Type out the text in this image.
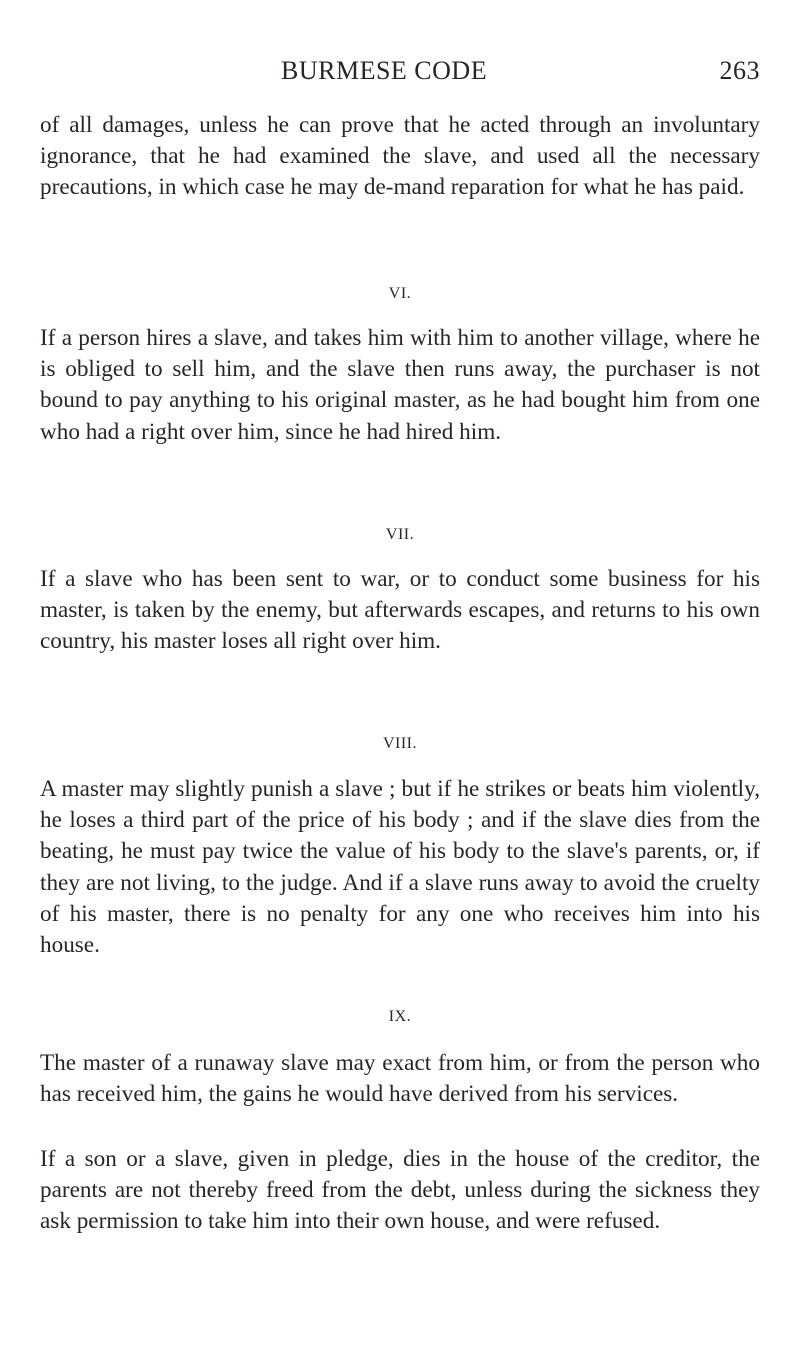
BURMESE CODE	263

of all damages, unless he can prove that he acted through an involuntary ignorance, that he had examined the slave, and used all the necessary precautions, in which case he may de-mand reparation for what he has paid.

VI.

If a person hires a slave, and takes him with him to another village, where he is obliged to sell him, and the slave then runs away, the purchaser is not bound to pay anything to his original master, as he had bought him from one who had a right over him, since he had hired him.

VII.

If a slave who has been sent to war, or to conduct some business for his master, is taken by the enemy, but afterwards escapes, and returns to his own country, his master loses all right over him.

VIII.

A master may slightly punish a slave ; but if he strikes or beats him violently, he loses a third part of the price of his body ; and if the slave dies from the beating, he must pay twice the value of his body to the slave's parents, or, if they are not living, to the judge. And if a slave runs away to avoid the cruelty of his master, there is no penalty for any one who receives him into his house.

IX.

The master of a runaway slave may exact from him, or from the person who has received him, the gains he would have derived from his services.

If a son or a slave, given in pledge, dies in the house of the creditor, the parents are not thereby freed from the debt, unless during the sickness they ask permission to take him into their own house, and were refused.
